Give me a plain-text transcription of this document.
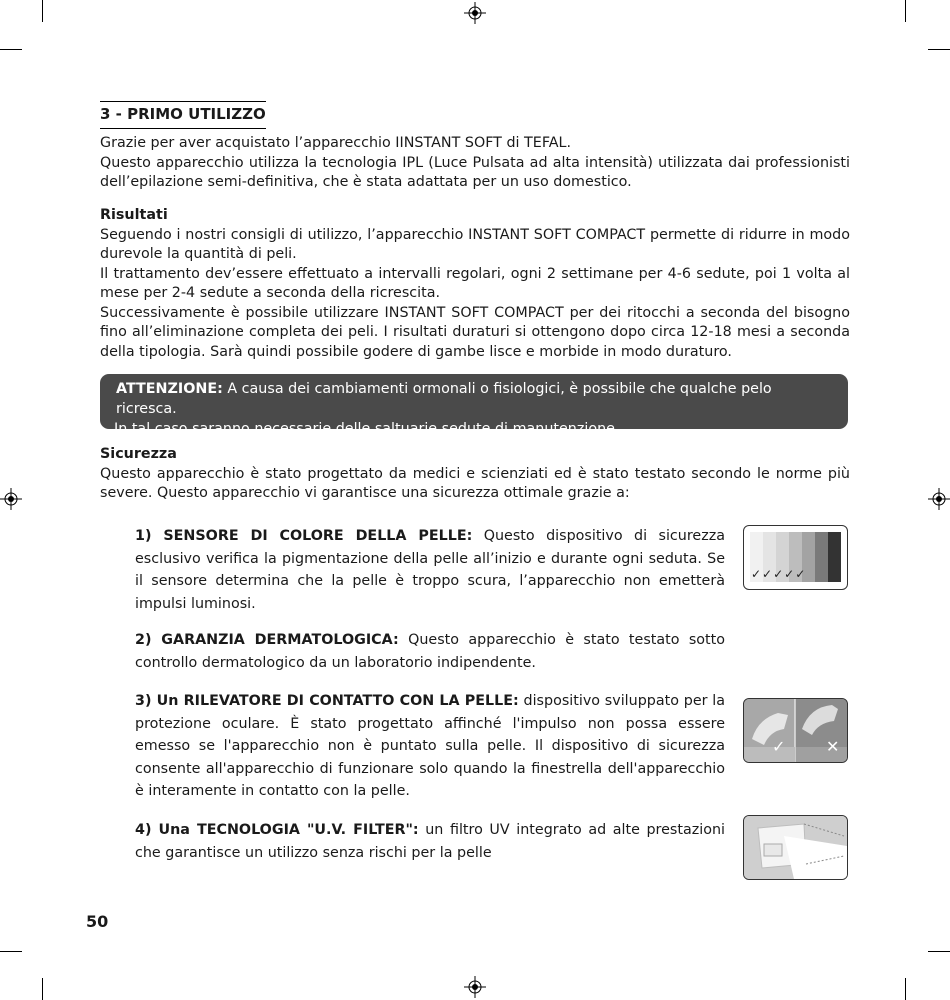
3 - PRIMO UTILIZZO
Grazie per aver acquistato l’apparecchio IINSTANT SOFT di TEFAL.
Questo apparecchio utilizza la tecnologia IPL (Luce Pulsata ad alta intensità) utilizzata dai professionisti dell’epilazione semi-definitiva, che è stata adattata per un uso domestico.
Risultati
Seguendo i nostri consigli di utilizzo, l’apparecchio INSTANT SOFT COMPACT permette di ridurre in modo durevole la quantità di peli.
Il trattamento dev’essere effettuato a intervalli regolari, ogni 2 settimane per 4-6 sedute, poi 1 volta al mese per 2-4 sedute a seconda della ricrescita.
Successivamente è possibile utilizzare INSTANT SOFT COMPACT per dei ritocchi a seconda del bisogno fino all’eliminazione completa dei peli. I risultati duraturi si ottengono dopo circa 12-18 mesi a seconda della tipologia. Sarà quindi possibile godere di gambe lisce e morbide in modo duraturo.
ATTENZIONE: A causa dei cambiamenti ormonali o fisiologici, è possibile che qualche pelo ricresca.
In tal caso saranno necessarie delle saltuarie sedute di manutenzione.
Sicurezza
Questo apparecchio è stato progettato da medici e scienziati ed è stato testato secondo le norme più severe. Questo apparecchio vi garantisce una sicurezza ottimale grazie a:
1) SENSORE DI COLORE DELLA PELLE: Questo dispositivo di sicurezza esclusivo verifica la pigmentazione della pelle all’inizio e durante ogni seduta. Se il sensore determina che la pelle è troppo scura, l’apparecchio non emetterà impulsi luminosi.
2) GARANZIA DERMATOLOGICA: Questo apparecchio è stato testato sotto controllo dermatologico da un laboratorio indipendente.
3) Un RILEVATORE DI CONTATTO CON LA PELLE: dispositivo sviluppato per la protezione oculare. È stato progettato affinché l'impulso non possa essere emesso se l'apparecchio non è puntato sulla pelle. Il dispositivo di sicurezza consente all'apparecchio di funzionare solo quando la finestrella dell'apparecchio è interamente in contatto con la pelle.
4) Una TECNOLOGIA "U.V. FILTER": un filtro UV integrato ad alte prestazioni che garantisce un utilizzo senza rischi per la pelle
✓✓✓✓✓
✓	✕
50
